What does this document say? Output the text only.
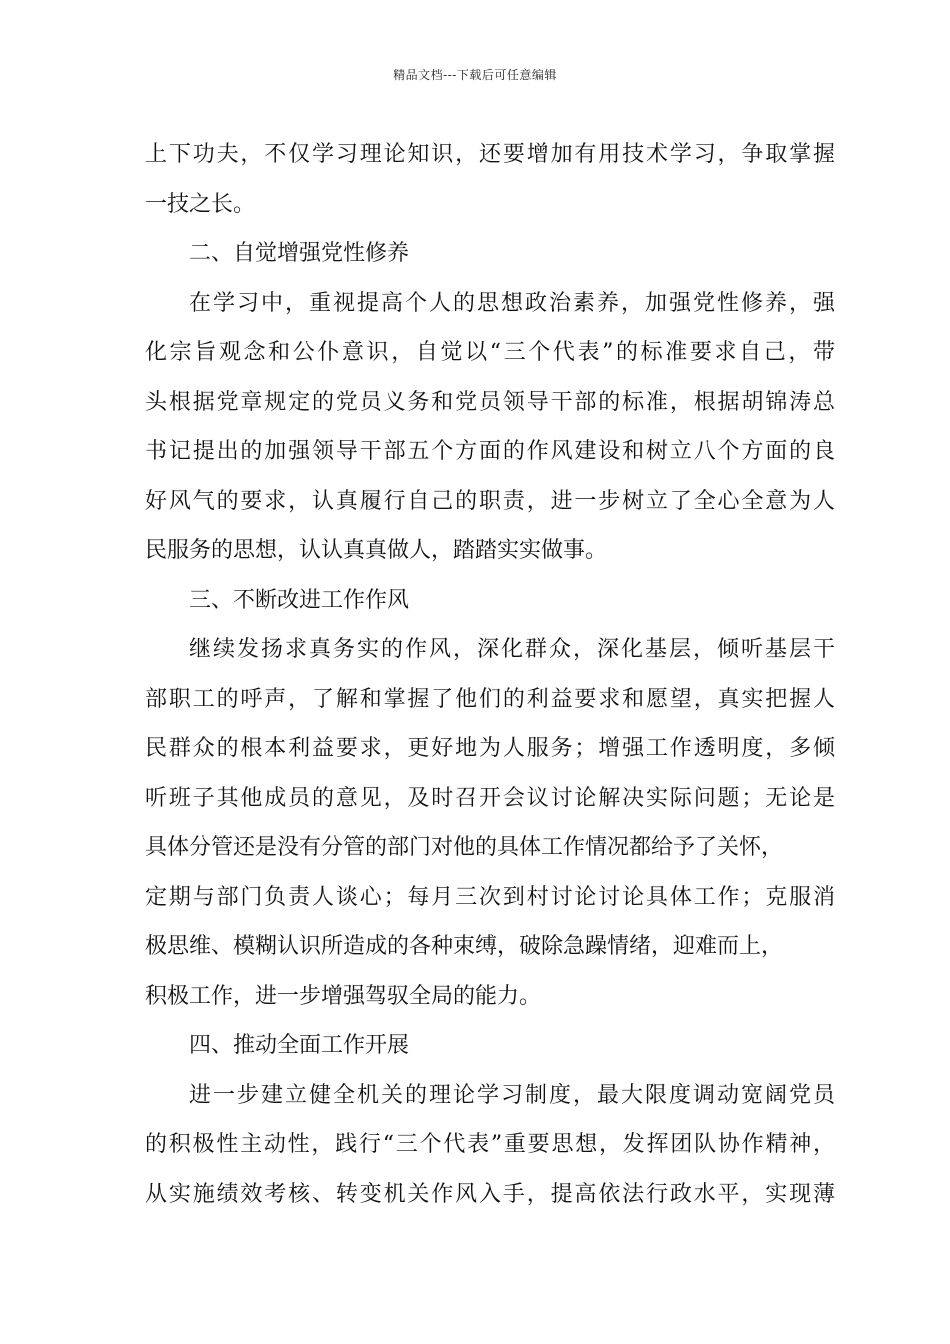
精品文档---下载后可任意编辑
上下功夫，不仅学习理论知识，还要增加有用技术学习，争取掌握
一技之长。
二、自觉增强党性修养
在学习中，重视提高个人的思想政治素养，加强党性修养，强
化宗旨观念和公仆意识，自觉以“三个代表”的标准要求自己，带
头根据党章规定的党员义务和党员领导干部的标准，根据胡锦涛总
书记提出的加强领导干部五个方面的作风建设和树立八个方面的良
好风气的要求，认真履行自己的职责，进一步树立了全心全意为人
民服务的思想，认认真真做人，踏踏实实做事。
三、不断改进工作作风
继续发扬求真务实的作风，深化群众，深化基层，倾听基层干
部职工的呼声，了解和掌握了他们的利益要求和愿望，真实把握人
民群众的根本利益要求，更好地为人服务；增强工作透明度，多倾
听班子其他成员的意见，及时召开会议讨论解决实际问题；无论是
具体分管还是没有分管的部门对他的具体工作情况都给予了关怀，
定期与部门负责人谈心；每月三次到村讨论讨论具体工作；克服消
极思维、模糊认识所造成的各种束缚，破除急躁情绪，迎难而上，
积极工作，进一步增强驾驭全局的能力。
四、推动全面工作开展
进一步建立健全机关的理论学习制度，最大限度调动宽阔党员
的积极性主动性，践行“三个代表”重要思想，发挥团队协作精神，
从实施绩效考核、转变机关作风入手，提高依法行政水平，实现薄
